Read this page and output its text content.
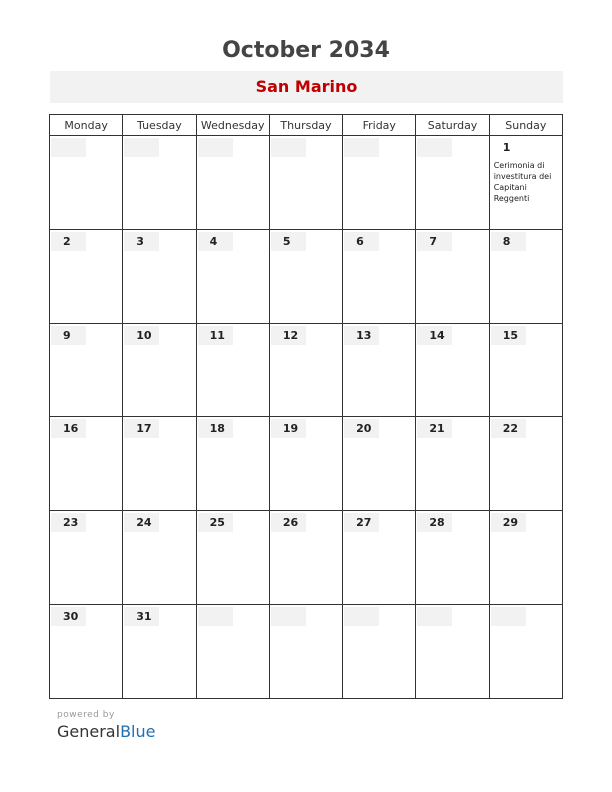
October 2034
San Marino
Monday	Tuesday	Wednesday	Thursday	Friday	Saturday	Sunday

						1
Cerimonia di investitura dei Capitani Reggenti

2	3	4	5	6	7	8

9	10	11	12	13	14	15

16	17	18	19	20	21	22

23	24	25	26	27	28	29

30	31					

powered by
GeneralBlue
